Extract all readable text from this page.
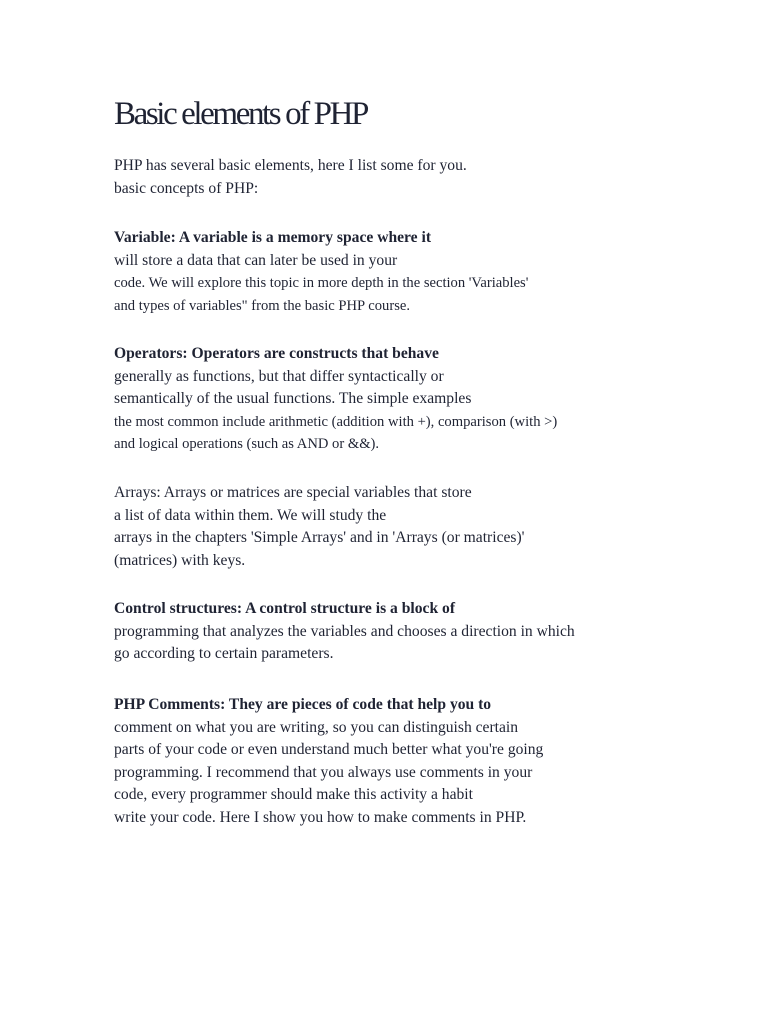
Basic elements of PHP

PHP has several basic elements, here I list some for you.
basic concepts of PHP:

Variable: A variable is a memory space where it
will store a data that can later be used in your
code. We will explore this topic in more depth in the section 'Variables'
and types of variables" from the basic PHP course.

Operators: Operators are constructs that behave
generally as functions, but that differ syntactically or
semantically of the usual functions. The simple examples
the most common include arithmetic (addition with +), comparison (with >)
and logical operations (such as AND or &&).

Arrays: Arrays or matrices are special variables that store
a list of data within them. We will study the
arrays in the chapters 'Simple Arrays' and in 'Arrays (or matrices)'
(matrices) with keys.

Control structures: A control structure is a block of
programming that analyzes the variables and chooses a direction in which
go according to certain parameters.

PHP Comments: They are pieces of code that help you to
comment on what you are writing, so you can distinguish certain
parts of your code or even understand much better what you're going
programming. I recommend that you always use comments in your
code, every programmer should make this activity a habit
write your code. Here I show you how to make comments in PHP.
